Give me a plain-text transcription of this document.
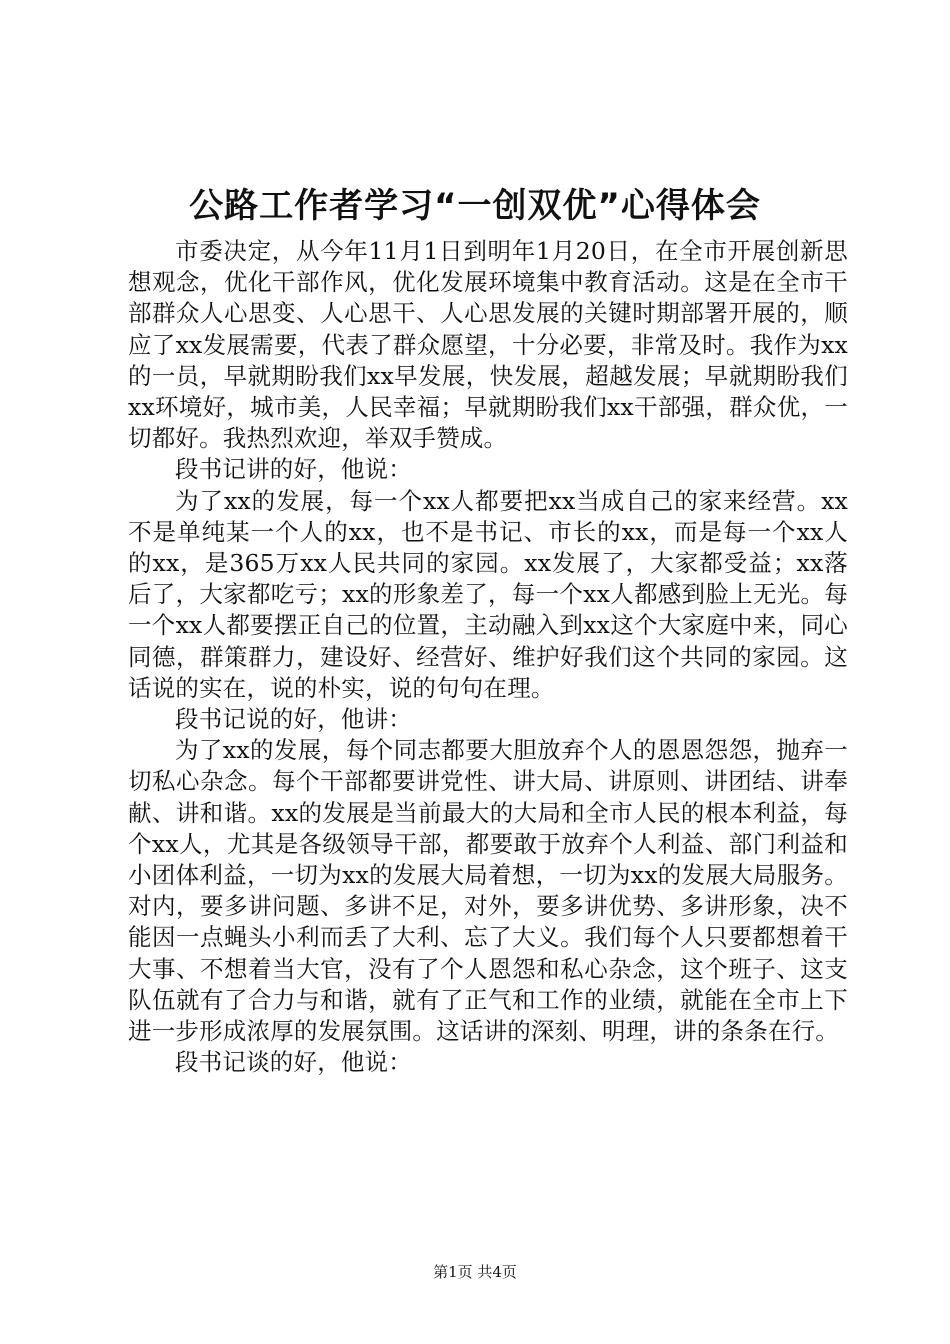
公路工作者学习“一创双优”心得体会

市委决定，从今年11月1日到明年1月20日，在全市开展创新思想观念，优化干部作风，优化发展环境集中教育活动。这是在全市干部群众人心思变、人心思干、人心思发展的关键时期部署开展的，顺应了xx发展需要，代表了群众愿望，十分必要，非常及时。我作为xx的一员，早就期盼我们xx早发展，快发展，超越发展；早就期盼我们xx环境好，城市美，人民幸福；早就期盼我们xx干部强，群众优，一切都好。我热烈欢迎，举双手赞成。

段书记讲的好，他说：

为了xx的发展，每一个xx人都要把xx当成自己的家来经营。xx不是单纯某一个人的xx，也不是书记、市长的xx，而是每一个xx人的xx，是365万xx人民共同的家园。xx发展了，大家都受益；xx落后了，大家都吃亏；xx的形象差了，每一个xx人都感到脸上无光。每一个xx人都要摆正自己的位置，主动融入到xx这个大家庭中来，同心同德，群策群力，建设好、经营好、维护好我们这个共同的家园。这话说的实在，说的朴实，说的句句在理。

段书记说的好，他讲：

为了xx的发展，每个同志都要大胆放弃个人的恩恩怨怨，抛弃一切私心杂念。每个干部都要讲党性、讲大局、讲原则、讲团结、讲奉献、讲和谐。xx的发展是当前最大的大局和全市人民的根本利益，每个xx人，尤其是各级领导干部，都要敢于放弃个人利益、部门利益和小团体利益，一切为xx的发展大局着想，一切为xx的发展大局服务。对内，要多讲问题、多讲不足，对外，要多讲优势、多讲形象，决不能因一点蝇头小利而丢了大利、忘了大义。我们每个人只要都想着干大事、不想着当大官，没有了个人恩怨和私心杂念，这个班子、这支队伍就有了合力与和谐，就有了正气和工作的业绩，就能在全市上下进一步形成浓厚的发展氛围。这话讲的深刻、明理，讲的条条在行。

段书记谈的好，他说：

第1页 共4页
